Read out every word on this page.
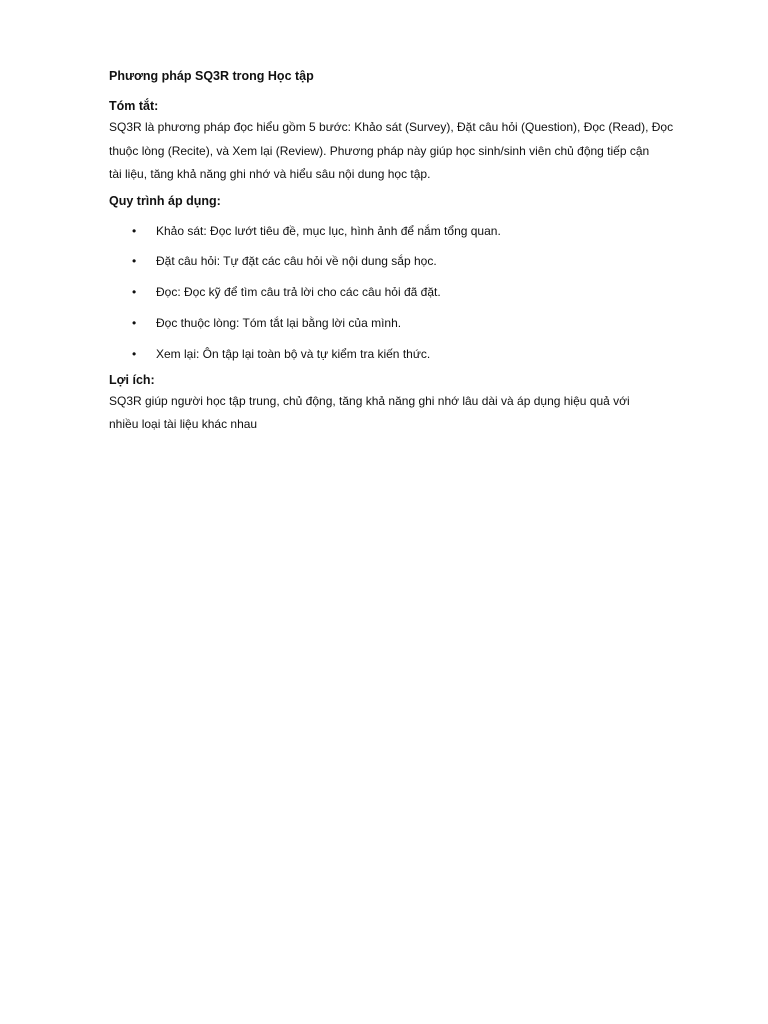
Phương pháp SQ3R trong Học tập

Tóm tắt:

SQ3R là phương pháp đọc hiểu gồm 5 bước: Khảo sát (Survey), Đặt câu hỏi (Question), Đọc (Read), Đọc

thuộc lòng (Recite), và Xem lại (Review). Phương pháp này giúp học sinh/sinh viên chủ động tiếp cận

tài liệu, tăng khả năng ghi nhớ và hiểu sâu nội dung học tập.

Quy trình áp dụng:

• Khảo sát: Đọc lướt tiêu đề, mục lục, hình ảnh để nắm tổng quan.
• Đặt câu hỏi: Tự đặt các câu hỏi về nội dung sắp học.
• Đọc: Đọc kỹ để tìm câu trả lời cho các câu hỏi đã đặt.
• Đọc thuộc lòng: Tóm tắt lại bằng lời của mình.
• Xem lại: Ôn tập lại toàn bộ và tự kiểm tra kiến thức.

Lợi ích:

SQ3R giúp người học tập trung, chủ động, tăng khả năng ghi nhớ lâu dài và áp dụng hiệu quả với

nhiều loại tài liệu khác nhau
